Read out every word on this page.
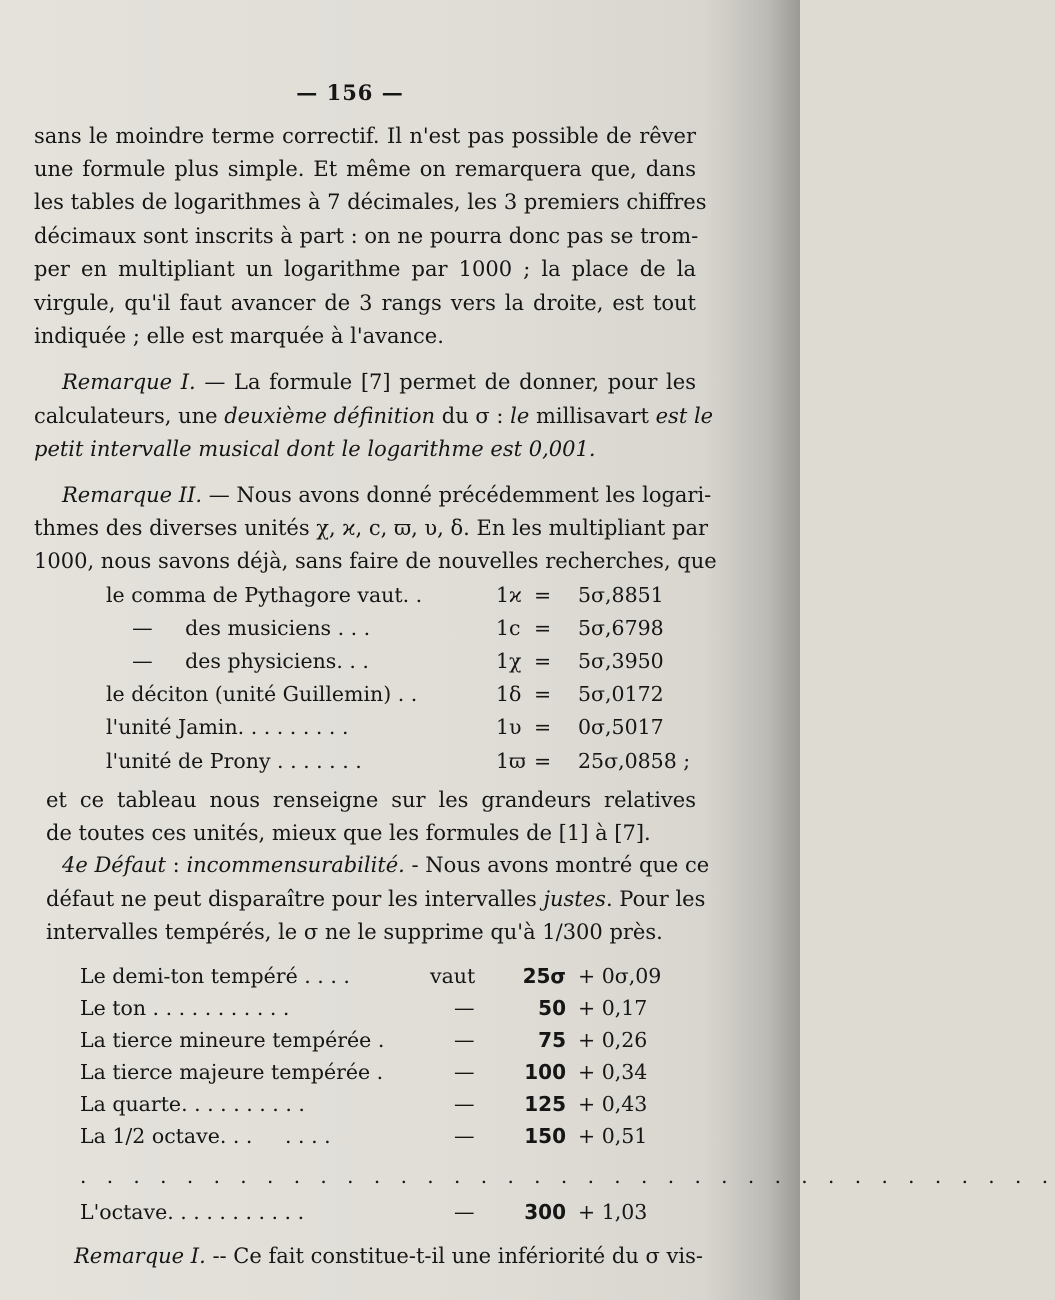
— 156 —
sans le moindre terme correctif. Il n'est pas possible de rêver
une formule plus simple. Et même on remarquera que, dans
les tables de logarithmes à 7 décimales, les 3 premiers chiffres
décimaux sont inscrits à part : on ne pourra donc pas se trom-
per en multipliant un logarithme par 1000 ; la place de la
virgule, qu'il faut avancer de 3 rangs vers la droite, est tout
indiquée ; elle est marquée à l'avance.
Remarque I. — La formule [7] permet de donner, pour les
calculateurs, une deuxième définition du σ : le millisavart est le
petit intervalle musical dont le logarithme est 0,001.
Remarque II. — Nous avons donné précédemment les logari-
thmes des diverses unités χ, ϰ, c, ϖ, υ, δ. En les multipliant par
1000, nous savons déjà, sans faire de nouvelles recherches, que
le comma de Pythagore vaut. .	1ϰ = 5σ,8851
—     des musiciens . . .	1c = 5σ,6798
—     des physiciens. . .	1χ = 5σ,3950
le déciton (unité Guillemin) . .	1δ = 5σ,0172
l'unité Jamin. . . . . . . . .	1υ = 0σ,5017
l'unité de Prony . . . . . . .	1ϖ = 25σ,0858 ;
et ce tableau nous renseigne sur les grandeurs relatives
de toutes ces unités, mieux que les formules de [1] à [7].
4e Défaut : incommensurabilité. - Nous avons montré que ce
défaut ne peut disparaître pour les intervalles justes. Pour les
intervalles tempérés, le σ ne le supprime qu'à 1/300 près.
Le demi-ton tempéré . . . .	vaut	25σ + 0σ,09
Le ton . . . . . . . . . . .	—	50 + 0,17
La tierce mineure tempérée .	—	75 + 0,26
La tierce majeure tempérée .	—	100 + 0,34
La quarte. . . . . . . . . .	—	125 + 0,43
La 1/2 octave. . .     . . . .	—	150 + 0,51
. . . . . . . . . . . . . . . . . . . . . . . . . . . . . . . . . . . . .
L'octave. . . . . . . . . . .	—	300 + 1,03
Remarque I. -- Ce fait constitue-t-il une infériorité du σ vis-
